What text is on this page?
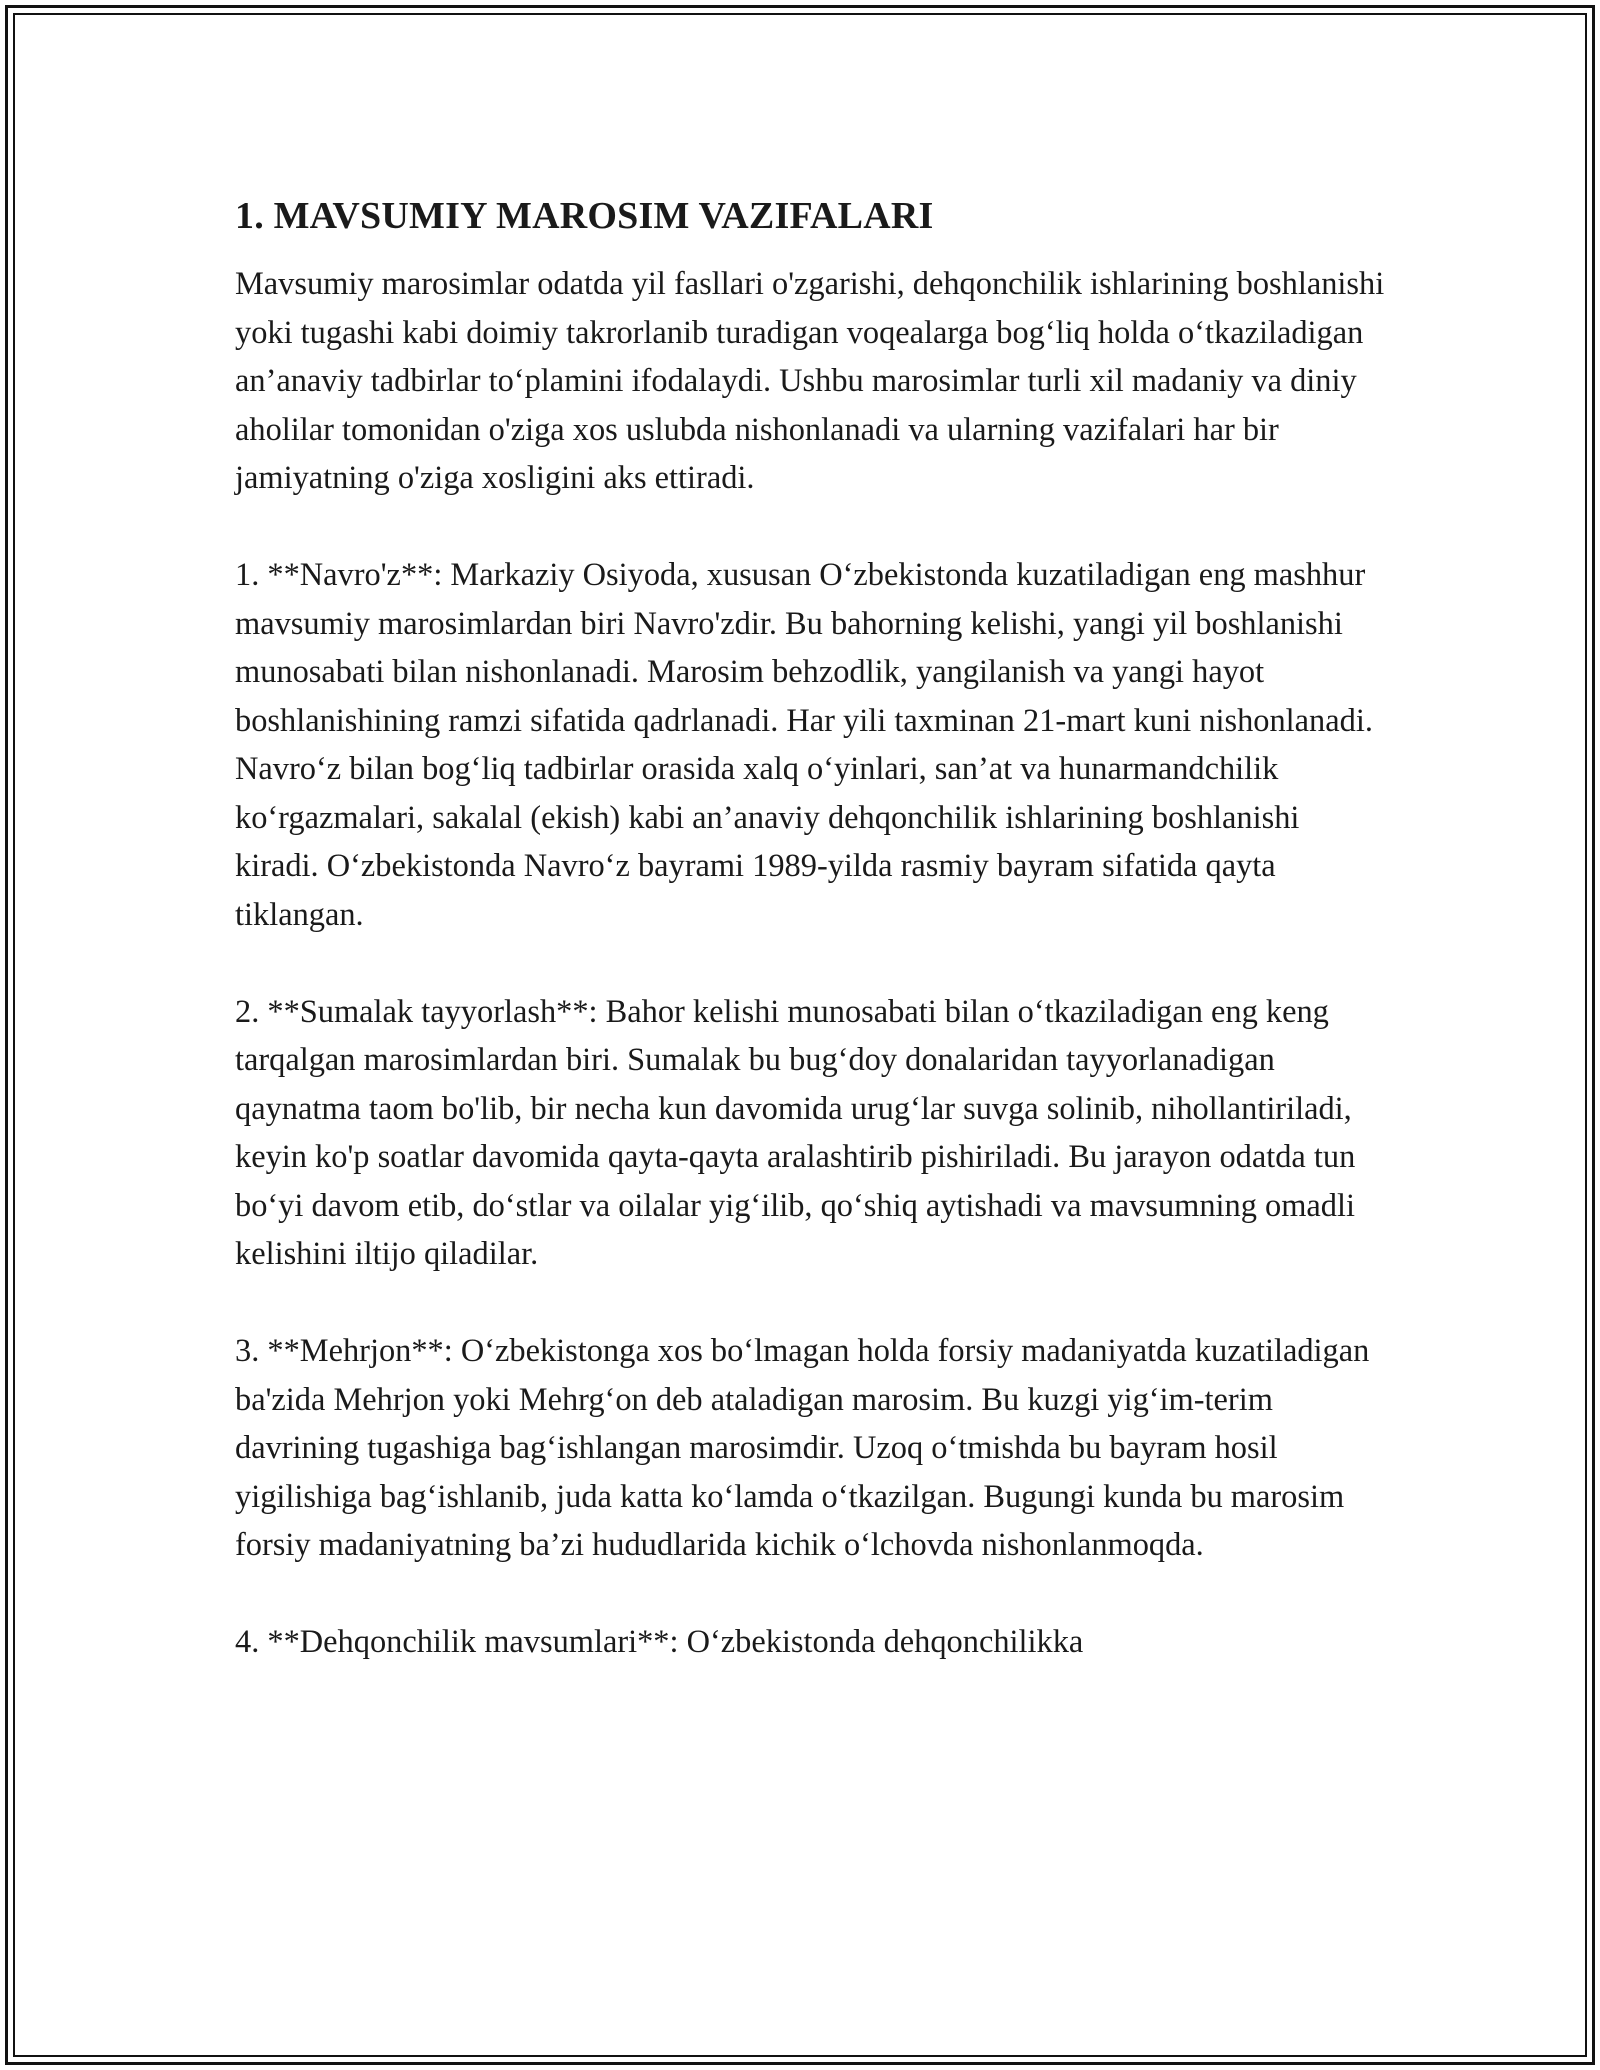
1. MAVSUMIY MAROSIM VAZIFALARI

Mavsumiy marosimlar odatda yil fasllari o'zgarishi, dehqonchilik ishlarining boshlanishi yoki tugashi kabi doimiy takrorlanib turadigan voqealarga bog‘liq holda o‘tkaziladigan an’anaviy tadbirlar to‘plamini ifodalaydi. Ushbu marosimlar turli xil madaniy va diniy aholilar tomonidan o'ziga xos uslubda nishonlanadi va ularning vazifalari har bir jamiyatning o'ziga xosligini aks ettiradi.

1. **Navro'z**: Markaziy Osiyoda, xususan O‘zbekistonda kuzatiladigan eng mashhur mavsumiy marosimlardan biri Navro'zdir. Bu bahorning kelishi, yangi yil boshlanishi munosabati bilan nishonlanadi. Marosim behzodlik, yangilanish va yangi hayot boshlanishining ramzi sifatida qadrlanadi. Har yili taxminan 21-mart kuni nishonlanadi. Navro‘z bilan bog‘liq tadbirlar orasida xalq o‘yinlari, san’at va hunarmandchilik ko‘rgazmalari, sakalal (ekish) kabi an’anaviy dehqonchilik ishlarining boshlanishi kiradi. O‘zbekistonda Navro‘z bayrami 1989-yilda rasmiy bayram sifatida qayta tiklangan.

2. **Sumalak tayyorlash**: Bahor kelishi munosabati bilan o‘tkaziladigan eng keng tarqalgan marosimlardan biri. Sumalak bu bug‘doy donalaridan tayyorlanadigan qaynatma taom bo'lib, bir necha kun davomida urug‘lar suvga solinib, nihollantiriladi, keyin ko'p soatlar davomida qayta-qayta aralashtirib pishiriladi. Bu jarayon odatda tun bo‘yi davom etib, do‘stlar va oilalar yig‘ilib, qo‘shiq aytishadi va mavsumning omadli kelishini iltijo qiladilar.

3. **Mehrjon**: O‘zbekistonga xos bo‘lmagan holda forsiy madaniyatda kuzatiladigan ba'zida Mehrjon yoki Mehrg‘on deb ataladigan marosim. Bu kuzgi yig‘im-terim davrining tugashiga bag‘ishlangan marosimdir. Uzoq o‘tmishda bu bayram hosil yigilishiga bag‘ishlanib, juda katta ko‘lamda o‘tkazilgan. Bugungi kunda bu marosim forsiy madaniyatning ba’zi hududlarida kichik o‘lchovda nishonlanmoqda.

4. **Dehqonchilik mavsumlari**: O‘zbekistonda dehqonchilikka
